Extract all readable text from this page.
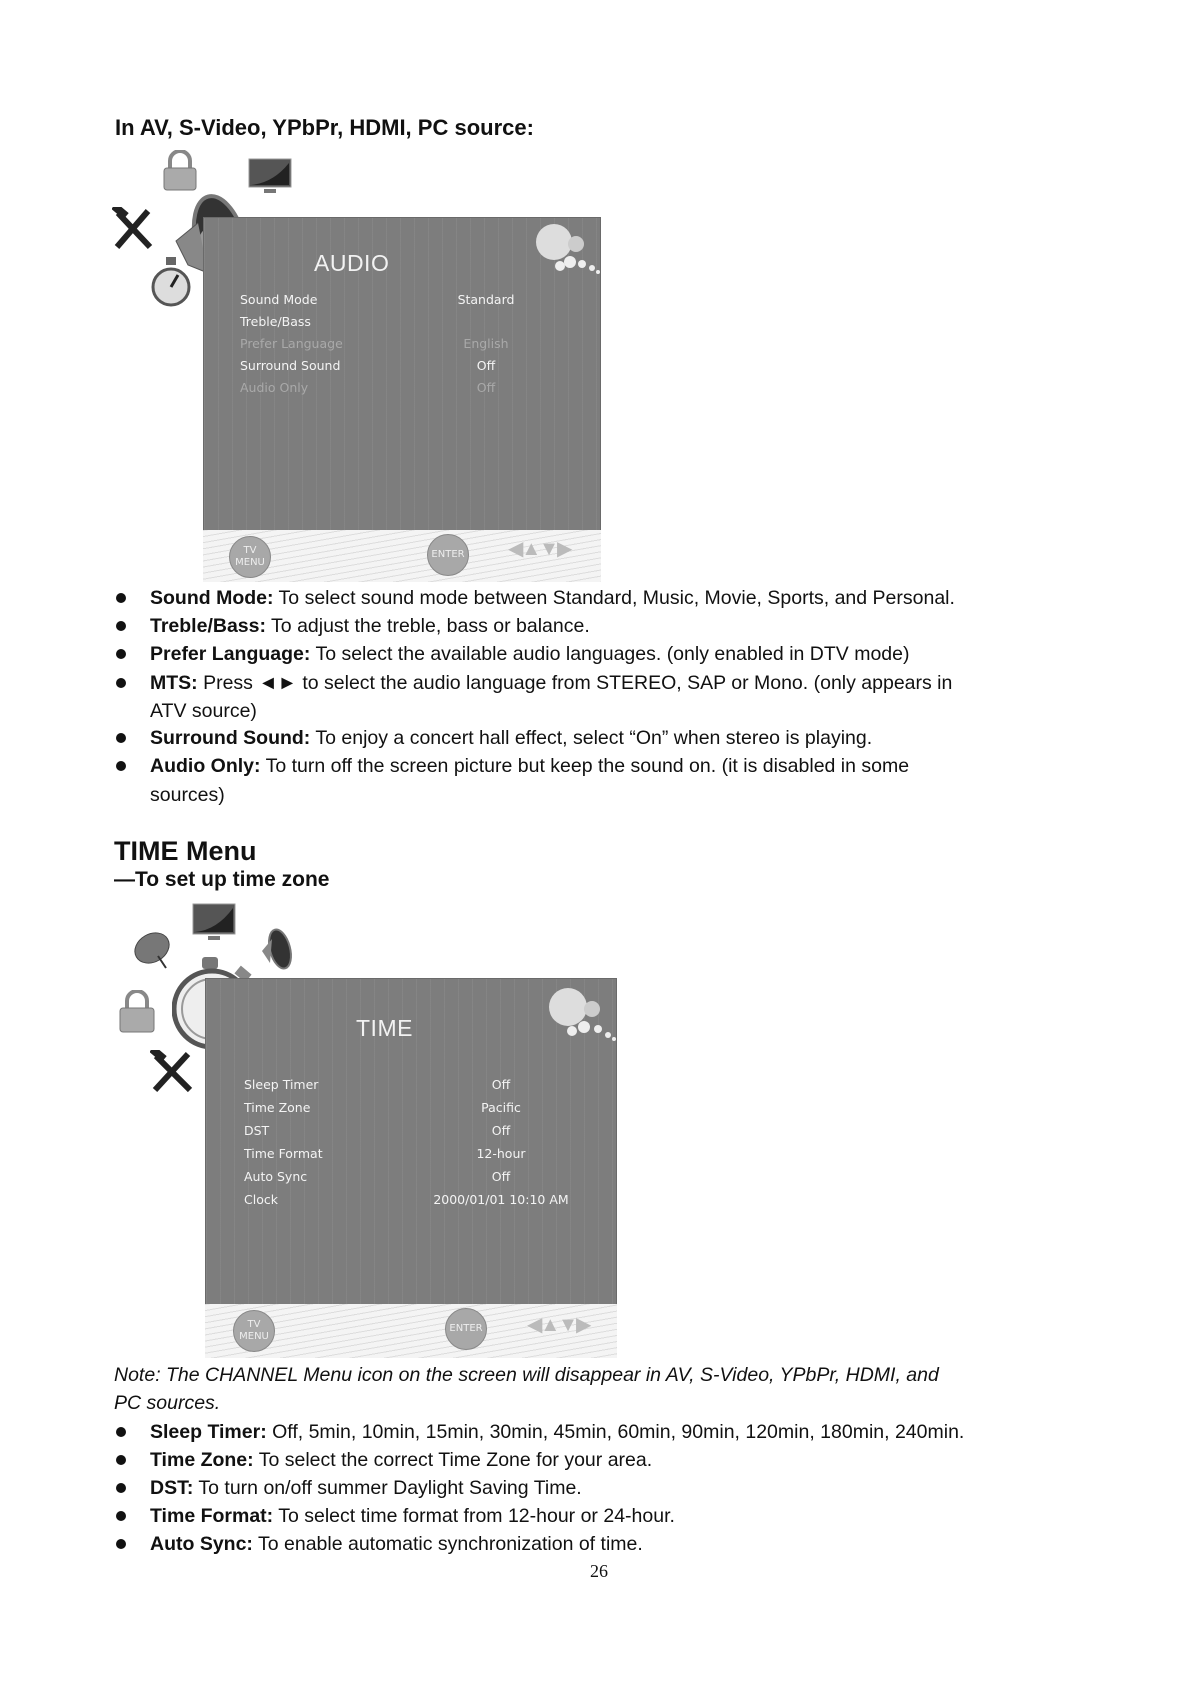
In AV, S-Video, YPbPr, HDMI, PC source:
AUDIO
Sound Mode	Standard
Treble/Bass
Prefer Language	English
Surround Sound	Off
Audio Only	Off
TV MENU
ENTER ◀▲▼▶
Sound Mode: To select sound mode between Standard, Music, Movie, Sports, and Personal.
Treble/Bass: To adjust the treble, bass or balance.
Prefer Language: To select the available audio languages. (only enabled in DTV mode)
MTS: Press ◄► to select the audio language from STEREO, SAP or Mono. (only appears in
ATV source)
Surround Sound: To enjoy a concert hall effect, select “On” when stereo is playing.
Audio Only: To turn off the screen picture but keep the sound on. (it is disabled in some
sources)
TIME Menu
—To set up time zone
TIME
Sleep Timer	Off
Time Zone	Pacific
DST	Off
Time Format	12-hour
Auto Sync	Off
Clock	2000/01/01 10:10 AM
TV MENU
ENTER ◀▲▼▶
Note: The CHANNEL Menu icon on the screen will disappear in AV, S-Video, YPbPr, HDMI, and
PC sources.
Sleep Timer: Off, 5min, 10min, 15min, 30min, 45min, 60min, 90min, 120min, 180min, 240min.
Time Zone: To select the correct Time Zone for your area.
DST: To turn on/off summer Daylight Saving Time.
Time Format: To select time format from 12-hour or 24-hour.
Auto Sync: To enable automatic synchronization of time.
26
